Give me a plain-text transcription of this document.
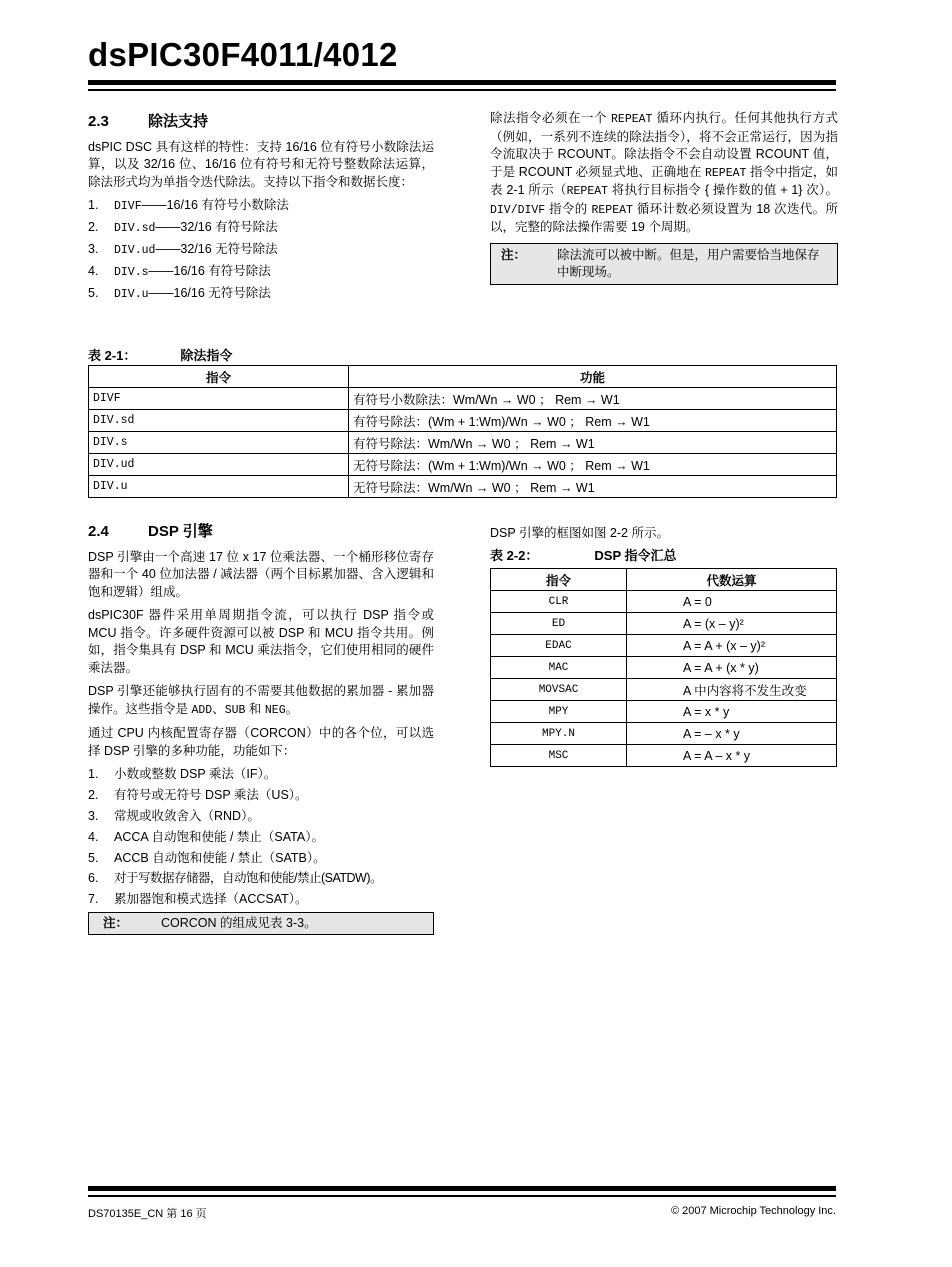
dsPIC30F4011/4012
2.3	除法支持

dsPIC DSC 具有这样的特性：支持 16/16 位有符号小数除法运算，以及 32/16 位、16/16 位有符号和无符号整数除法运算，除法形式均为单指令迭代除法。支持以下指令和数据长度：

1.	DIVF——16/16 有符号小数除法
2.	DIV.sd——32/16 有符号除法
3.	DIV.ud——32/16 无符号除法
4.	DIV.s——16/16 有符号除法
5.	DIV.u——16/16 无符号除法

除法指令必须在一个 REPEAT 循环内执行。任何其他执行方式（例如，一系列不连续的除法指令），将不会正常运行，因为指令流取决于 RCOUNT。除法指令不会自动设置 RCOUNT 值，于是 RCOUNT 必须显式地、正确地在 REPEAT 指令中指定，如表 2-1 所示（REPEAT 将执行目标指令 { 操作数的值 + 1} 次）。DIV/DIVF 指令的 REPEAT 循环计数必须设置为 18 次迭代。所以，完整的除法操作需要 19 个周期。

注：	除法流可以被中断。但是，用户需要恰当地保存中断现场。
表 2-1：	除法指令
指令	功能
DIVF	有符号小数除法：Wm/Wn → W0 ； Rem → W1
DIV.sd	有符号除法：(Wm + 1:Wm)/Wn → W0 ； Rem → W1
DIV.s	有符号除法：Wm/Wn → W0 ； Rem → W1
DIV.ud	无符号除法：(Wm + 1:Wm)/Wn → W0 ； Rem → W1
DIV.u	无符号除法：Wm/Wn → W0 ； Rem → W1
2.4	DSP 引擎

DSP 引擎由一个高速 17 位 x 17 位乘法器、一个桶形移位寄存器和一个 40 位加法器 / 减法器（两个目标累加器、含入逻辑和饱和逻辑）组成。

dsPIC30F 器件采用单周期指令流，可以执行 DSP 指令或 MCU 指令。许多硬件资源可以被 DSP 和 MCU 指令共用。例如，指令集具有 DSP 和 MCU 乘法指令，它们使用相同的硬件乘法器。

DSP 引擎还能够执行固有的不需要其他数据的累加器 - 累加器操作。这些指令是 ADD、SUB 和 NEG。

通过 CPU 内核配置寄存器（CORCON）中的各个位，可以选择 DSP 引擎的多种功能，功能如下：

1.	小数或整数 DSP 乘法（IF）。
2.	有符号或无符号 DSP 乘法（US）。
3.	常规或收敛舍入（RND）。
4.	ACCA 自动饱和使能 / 禁止（SATA）。
5.	ACCB 自动饱和使能 / 禁止（SATB）。
6.	对于写数据存储器，自动饱和使能/禁止(SATDW)。
7.	累加器饱和模式选择（ACCSAT）。
注：	CORCON 的组成见表 3-3。
DSP 引擎的框图如图 2-2 所示。
表 2-2：	DSP 指令汇总
指令	代数运算
CLR	A = 0
ED	A = (x – y)²
EDAC	A = A + (x – y)²
MAC	A = A + (x * y)
MOVSAC	A 中内容将不发生改变
MPY	A = x * y
MPY.N	A = – x * y
MSC	A = A – x * y
DS70135E_CN 第 16 页	© 2007 Microchip Technology Inc.
